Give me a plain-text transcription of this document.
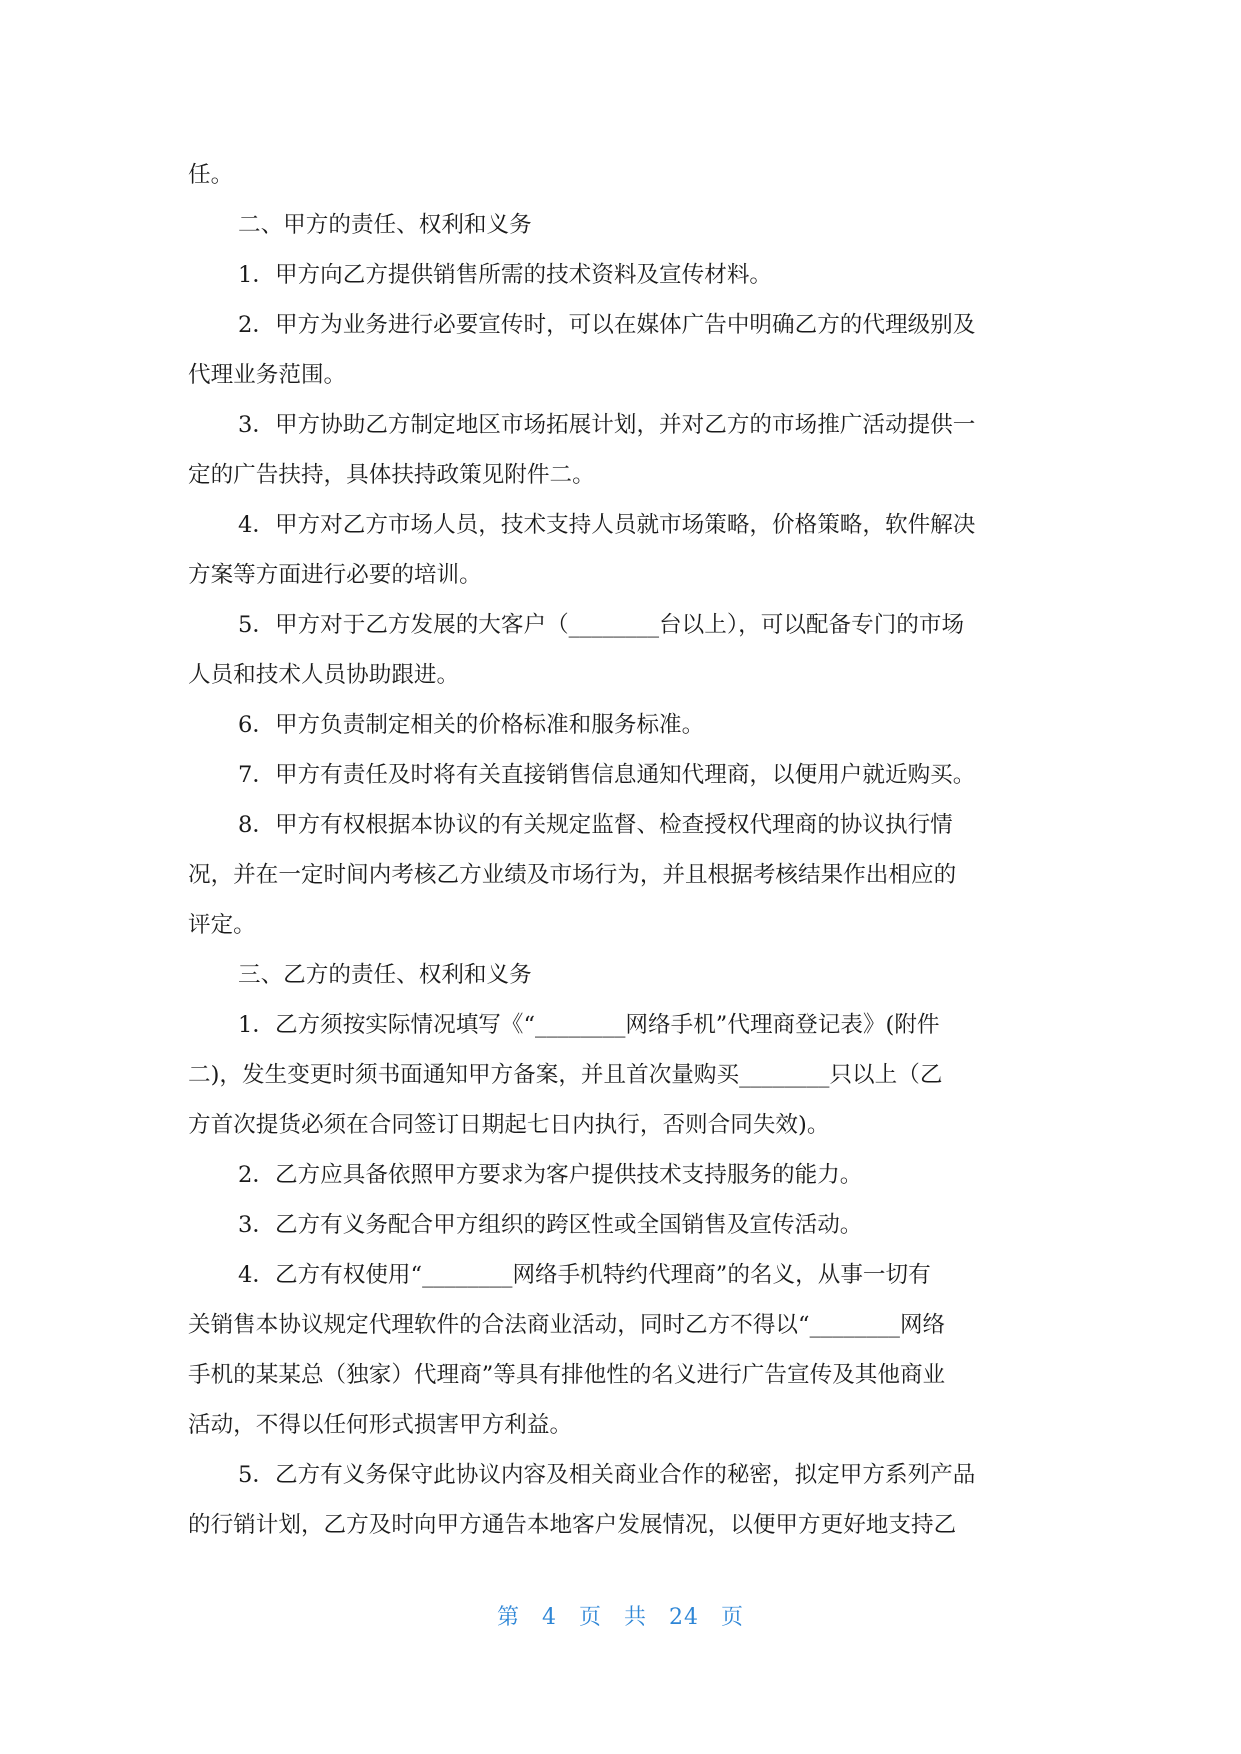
任。
二、甲方的责任、权利和义务
1．甲方向乙方提供销售所需的技术资料及宣传材料。
2．甲方为业务进行必要宣传时，可以在媒体广告中明确乙方的代理级别及
代理业务范围。
3．甲方协助乙方制定地区市场拓展计划，并对乙方的市场推广活动提供一
定的广告扶持，具体扶持政策见附件二。
4．甲方对乙方市场人员，技术支持人员就市场策略，价格策略，软件解决
方案等方面进行必要的培训。
5．甲方对于乙方发展的大客户（________台以上），可以配备专门的市场
人员和技术人员协助跟进。
6．甲方负责制定相关的价格标准和服务标准。
7．甲方有责任及时将有关直接销售信息通知代理商，以便用户就近购买。
8．甲方有权根据本协议的有关规定监督、检查授权代理商的协议执行情
况，并在一定时间内考核乙方业绩及市场行为，并且根据考核结果作出相应的
评定。
三、乙方的责任、权利和义务
1．乙方须按实际情况填写《“________网络手机”代理商登记表》(附件
二)，发生变更时须书面通知甲方备案，并且首次量购买________只以上（乙
方首次提货必须在合同签订日期起七日内执行，否则合同失效)。
2．乙方应具备依照甲方要求为客户提供技术支持服务的能力。
3．乙方有义务配合甲方组织的跨区性或全国销售及宣传活动。
4．乙方有权使用“________网络手机特约代理商”的名义，从事一切有
关销售本协议规定代理软件的合法商业活动，同时乙方不得以“________网络
手机的某某总（独家）代理商”等具有排他性的名义进行广告宣传及其他商业
活动，不得以任何形式损害甲方利益。
5．乙方有义务保守此协议内容及相关商业合作的秘密，拟定甲方系列产品
的行销计划，乙方及时向甲方通告本地客户发展情况，以便甲方更好地支持乙
第 4 页 共 24 页
